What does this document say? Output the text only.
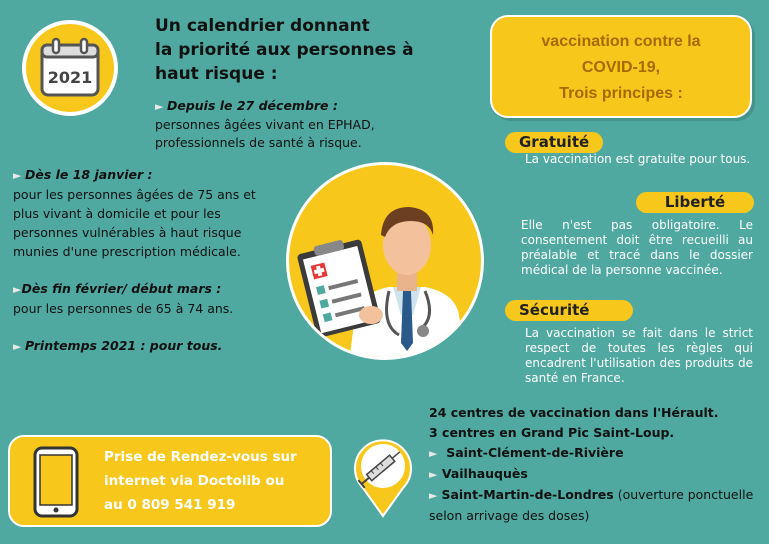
2021
Un calendrier donnant
la priorité aux personnes à
haut risque :
► Depuis le 27 décembre :
personnes âgées vivant en EPHAD,
professionnels de santé à risque.

► Dès le 18 janvier :
pour les personnes âgées de 75 ans et plus vivant à domicile et pour les personnes vulnérables à haut risque munies d'une prescription médicale.

►Dès fin février/ début mars :
pour les personnes de 65 à 74 ans.

► Printemps 2021 : pour tous.

vaccination contre la
COVID-19,
Trois principes :
Gratuité
La vaccination est gratuite pour tous.
Liberté
Elle n'est pas obligatoire. Le consentement doit être recueilli au préalable et tracé dans le dossier médical de la personne vaccinée.
Sécurité
La vaccination se fait dans le strict respect de toutes les règles qui encadrent l'utilisation des produits de santé en France.
Prise de Rendez-vous sur
internet via Doctolib ou
au 0 809 541 919
24 centres de vaccination dans l'Hérault.
3 centres en Grand Pic Saint-Loup.
► Saint-Clément-de-Rivière
► Vailhauquès
► Saint-Martin-de-Londres (ouverture ponctuelle selon arrivage des doses)
